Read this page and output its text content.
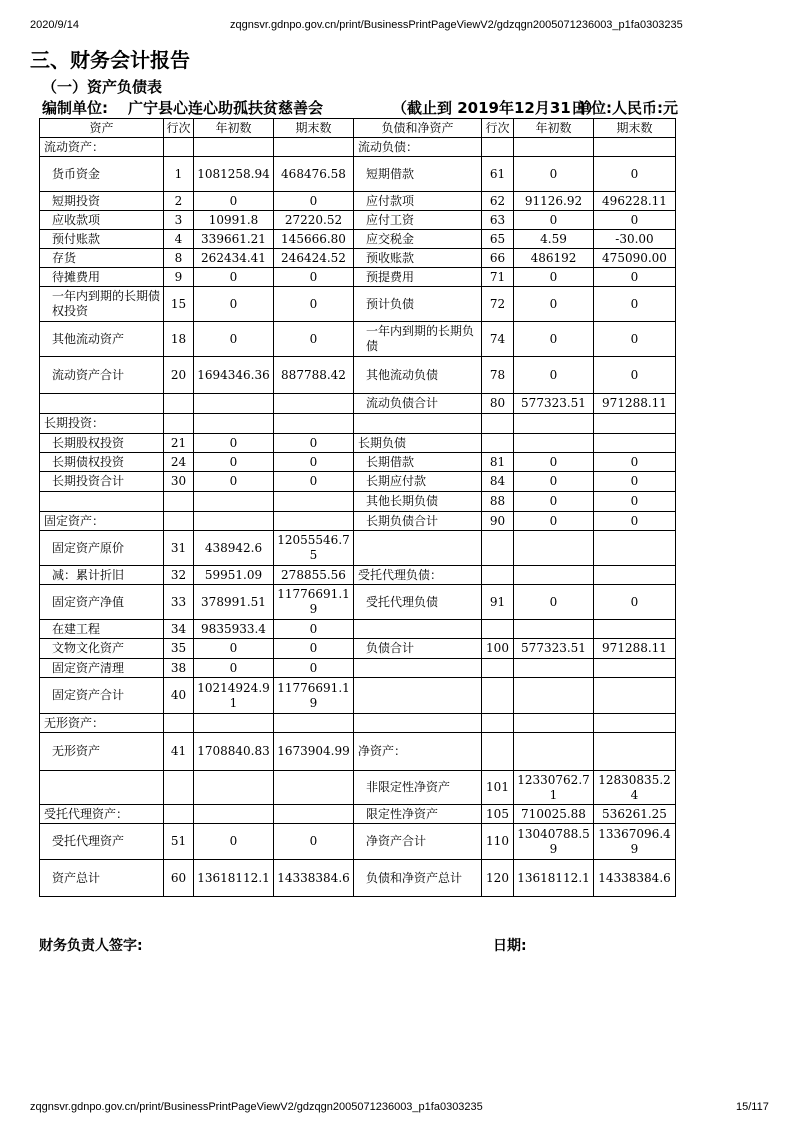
2020/9/14	zqgnsvr.gdnpo.gov.cn/print/BusinessPrintPageViewV2/gdzqgn2005071236003_p1fa0303235
三、财务会计报告
（一）资产负债表
编制单位: 广宁县心连心助孤扶贫慈善会	（截止到 2019年12月31日）
单位:人民币:元
资产	行次	年初数	期末数	负债和净资产	行次	年初数	期末数
流动资产：				流动负债：			
货币资金	1	1081258.94	468476.58	短期借款	61	0	0
短期投资	2	0	0	应付款项	62	91126.92	496228.11
应收款项	3	10991.8	27220.52	应付工资	63	0	0
预付账款	4	339661.21	145666.80	应交税金	65	4.59	-30.00
存货	8	262434.41	246424.52	预收账款	66	486192	475090.00
待摊费用	9	0	0	预提费用	71	0	0
一年内到期的长期债权投资	15	0	0	预计负债	72	0	0
其他流动资产	18	0	0	一年内到期的长期负债	74	0	0
流动资产合计	20	1694346.36	887788.42	其他流动负债	78	0	0
				流动负债合计	80	577323.51	971288.11
长期投资：							
长期股权投资	21	0	0	长期负债			
长期债权投资	24	0	0	长期借款	81	0	0
长期投资合计	30	0	0	长期应付款	84	0	0
				其他长期负债	88	0	0
固定资产：				长期负债合计	90	0	0
固定资产原价	31	438942.6	12055546.75				
减：累计折旧	32	59951.09	278855.56	受托代理负债：			
固定资产净值	33	378991.51	11776691.19	受托代理负债	91	0	0
在建工程	34	9835933.4	0				
文物文化资产	35	0	0	负债合计	100	577323.51	971288.11
固定资产清理	38	0	0				
固定资产合计	40	10214924.91	11776691.19				
无形资产：							
无形资产	41	1708840.83	1673904.99	净资产：			
				非限定性净资产	101	12330762.71	12830835.24
受托代理资产：				限定性净资产	105	710025.88	536261.25
受托代理资产	51	0	0	净资产合计	110	13040788.59	13367096.49
资产总计	60	13618112.1	14338384.6	负债和净资产总计	120	13618112.1	14338384.6
财务负责人签字:	日期:
zqgnsvr.gdnpo.gov.cn/print/BusinessPrintPageViewV2/gdzqgn2005071236003_p1fa0303235	15/117
